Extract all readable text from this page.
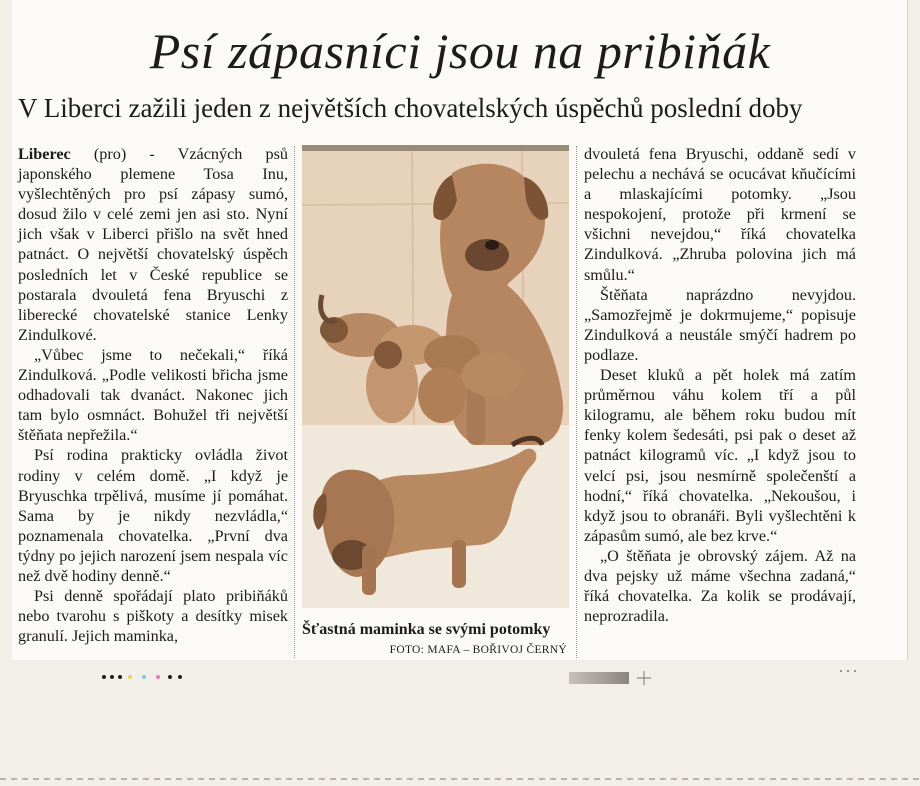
Psí zápasníci jsou na pribiňák
V Liberci zažili jeden z největších chovatelských úspěchů poslední doby

Liberec (pro) - Vzácných psů japonského plemene Tosa Inu, vyšlechtěných pro psí zápasy sumó, dosud žilo v celé zemi jen asi sto. Nyní jich však v Liberci přišlo na svět hned patnáct. O největší chovatelský úspěch posledních let v České republice se postarala dvouletá fena Bryuschi z liberecké chovatelské stanice Lenky Zindulkové.

„Vůbec jsme to nečekali,“ říká Zindulková. „Podle velikosti břicha jsme odhadovali tak dvanáct. Nakonec jich tam bylo osmnáct. Bohužel tři největší štěňata nepřežila.“

Psí rodina prakticky ovládla život rodiny v celém domě. „I když je Bryuschka trpělivá, musíme jí pomáhat. Sama by je nikdy nezvládla,“ poznamenala chovatelka. „První dva týdny po jejich narození jsem nespala víc než dvě hodiny denně.“

Psi denně spořádají plato pribiňáků nebo tvarohu s piškoty a desítky misek granulí. Jejich maminka,	Šťastná maminka se svými potomky
FOTO: MAFA – BOŘIVOJ ČERNÝ

dvouletá fena Bryuschi, oddaně sedí v pelechu a nechává se ocucávat kňučícími a mlaskajícími potomky. „Jsou nespokojení, protože při krmení se všichni nevejdou,“ říká chovatelka Zindulková. „Zhruba polovina jich má smůlu.“

Štěňata naprázdno nevyjdou. „Samozřejmě je dokrmujeme,“ popisuje Zindulková a neustále smýčí hadrem po podlaze.

Deset kluků a pět holek má zatím průměrnou váhu kolem tří a půl kilogramu, ale během roku budou mít fenky kolem šedesáti, psi pak o deset až patnáct kilogramů víc. „I když jsou to velcí psi, jsou nesmírně společenští a hodní,“ říká chovatelka. „Nekoušou, i když jsou to obranáři. Byli vyšlechtěni k zápasům sumó, ale bez krve.“

„O štěňata je obrovský zájem. Až na dva pejsky už máme všechna zadaná,“ říká chovatelka. Za kolik se prodávají, neprozradila.
